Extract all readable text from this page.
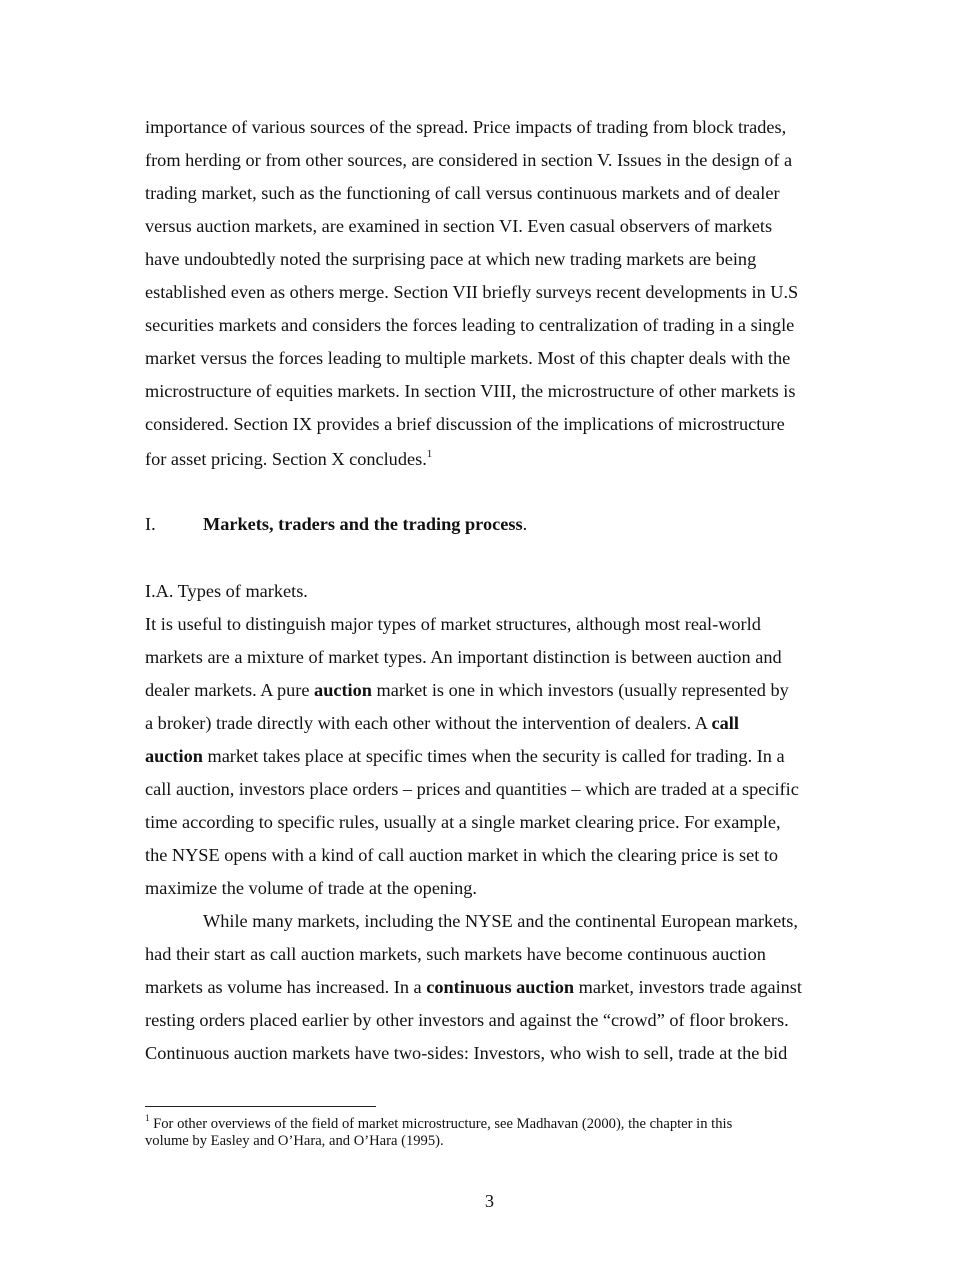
importance of various sources of the spread. Price impacts of trading from block trades,
from herding or from other sources, are considered in section V. Issues in the design of a
trading market, such as the functioning of call versus continuous markets and of dealer
versus auction markets, are examined in section VI. Even casual observers of markets
have undoubtedly noted the surprising pace at which new trading markets are being
established even as others merge. Section VII briefly surveys recent developments in U.S
securities markets and considers the forces leading to centralization of trading in a single
market versus the forces leading to multiple markets. Most of this chapter deals with the
microstructure of equities markets. In section VIII, the microstructure of other markets is
considered. Section IX provides a brief discussion of the implications of microstructure
for asset pricing. Section X concludes.$^1$
I.	Markets, traders and the trading process.
I.A. Types of markets.
It is useful to distinguish major types of market structures, although most real-world
markets are a mixture of market types. An important distinction is between auction and
dealer markets. A pure auction market is one in which investors (usually represented by
a broker) trade directly with each other without the intervention of dealers. A call
auction market takes place at specific times when the security is called for trading. In a
call auction, investors place orders – prices and quantities – which are traded at a specific
time according to specific rules, usually at a single market clearing price. For example,
the NYSE opens with a kind of call auction market in which the clearing price is set to
maximize the volume of trade at the opening.
While many markets, including the NYSE and the continental European markets,
had their start as call auction markets, such markets have become continuous auction
markets as volume has increased. In a continuous auction market, investors trade against
resting orders placed earlier by other investors and against the “crowd” of floor brokers.
Continuous auction markets have two-sides: Investors, who wish to sell, trade at the bid
$^1$ For other overviews of the field of market microstructure, see Madhavan (2000), the chapter in this
volume by Easley and O’Hara, and O’Hara (1995).
3
